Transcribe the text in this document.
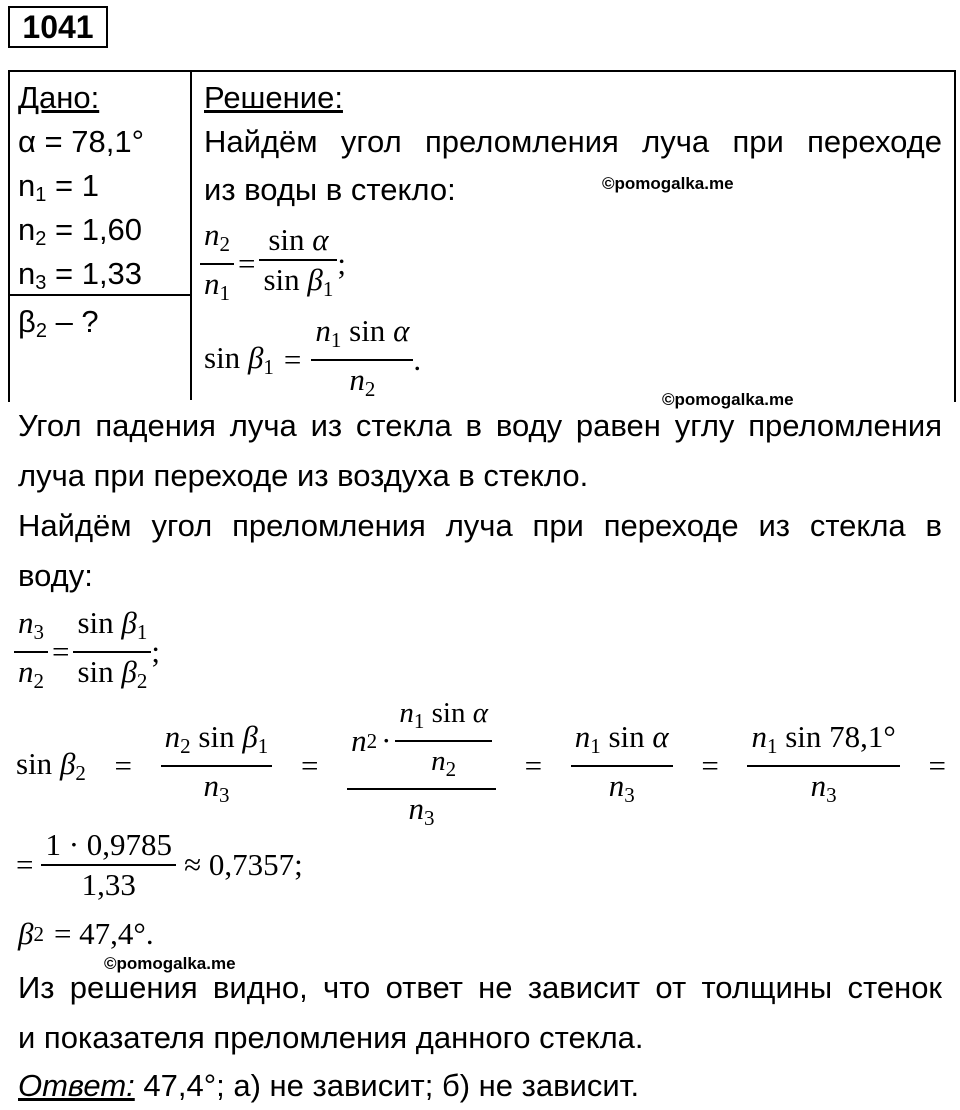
1041
Дано:
α = 78,1°
$n_1 = 1$
$n_2 = 1,60$
$n_3 = 1,33$
$\beta_2$ – ?
Решение:
Найдём угол преломления луча при переходе
из воды в стекло:	©pomogalka.me
$\frac{n_2}{n_1} = \frac{\text{sin α}}{\sin \beta_1}$ ;
$\sin \beta_1 = \frac{n_1 \sin \alpha}{n_2}$ .
©pomogalka.me
Угол падения луча из стекла в воду равен углу преломления
луча при переходе из воздуха в стекло.
Найдём угол преломления луча при переходе из стекла в
воду:
$\frac{n_3}{n_2} = \frac{\sin \beta_1}{\sin \beta_2}$ ;
$\sin \beta_2 = \frac{n_2 \sin \beta_1}{n_3} = \frac{n 2 \cdot \frac{n_1 \sin \alpha}{n_2}}{n_3} = \frac{n_1 \sin \alpha}{n_3} = \frac{n_1 \sin 78,1^\circ}{n_3}$ =
= $\frac{1 \cdot 0,9785}{1,33} \approx 0,7357$;
β 2 = 47,4°.
©pomogalka.me
Из решения видно, что ответ не зависит от толщины стенок
и показателя преломления данного стекла.
Ответ: 47,4°; а) не зависит; б) не зависит.
